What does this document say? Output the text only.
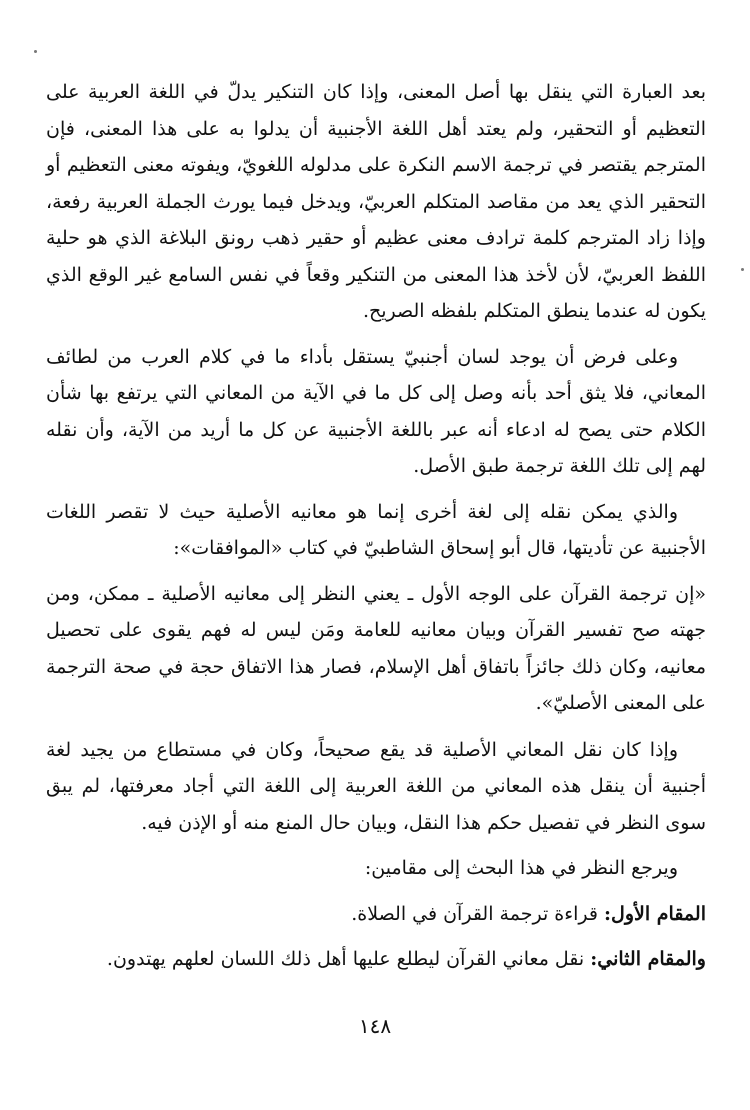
بعد العبارة التي ينقل بها أصل المعنى، وإذا كان التنكير يدلّ في اللغة العربية على التعظيم أو التحقير، ولم يعتد أهل اللغة الأجنبية أن يدلوا به على هذا المعنى، فإن المترجم يقتصر في ترجمة الاسم النكرة على مدلوله اللغويّ، ويفوته معنى التعظيم أو التحقير الذي يعد من مقاصد المتكلم العربيّ، ويدخل فيما يورث الجملة العربية رفعة، وإذا زاد المترجم كلمة ترادف معنى عظيم أو حقير ذهب رونق البلاغة الذي هو حلية اللفظ العربيّ، لأن لأخذ هذا المعنى من التنكير وقعاً في نفس السامع غير الوقع الذي يكون له عندما ينطق المتكلم بلفظه الصريح.

وعلى فرض أن يوجد لسان أجنبيّ يستقل بأداء ما في كلام العرب من لطائف المعاني، فلا يثق أحد بأنه وصل إلى كل ما في الآية من المعاني التي يرتفع بها شأن الكلام حتى يصح له ادعاء أنه عبر باللغة الأجنبية عن كل ما أريد من الآية، وأن نقله لهم إلى تلك اللغة ترجمة طبق الأصل.

والذي يمكن نقله إلى لغة أخرى إنما هو معانيه الأصلية حيث لا تقصر اللغات الأجنبية عن تأديتها، قال أبو إسحاق الشاطبيّ في كتاب «الموافقات»:

«إن ترجمة القرآن على الوجه الأول ـ يعني النظر إلى معانيه الأصلية ـ ممكن، ومن جهته صح تفسير القرآن وبيان معانيه للعامة ومَن ليس له فهم يقوى على تحصيل معانيه، وكان ذلك جائزاً باتفاق أهل الإسلام، فصار هذا الاتفاق حجة في صحة الترجمة على المعنى الأصليّ».

وإذا كان نقل المعاني الأصلية قد يقع صحيحاً، وكان في مستطاع من يجيد لغة أجنبية أن ينقل هذه المعاني من اللغة العربية إلى اللغة التي أجاد معرفتها، لم يبق سوى النظر في تفصيل حكم هذا النقل، وبيان حال المنع منه أو الإذن فيه.

ويرجع النظر في هذا البحث إلى مقامين:

المقام الأول: قراءة ترجمة القرآن في الصلاة.

والمقام الثاني: نقل معاني القرآن ليطلع عليها أهل ذلك اللسان لعلهم يهتدون.

١٤٨
